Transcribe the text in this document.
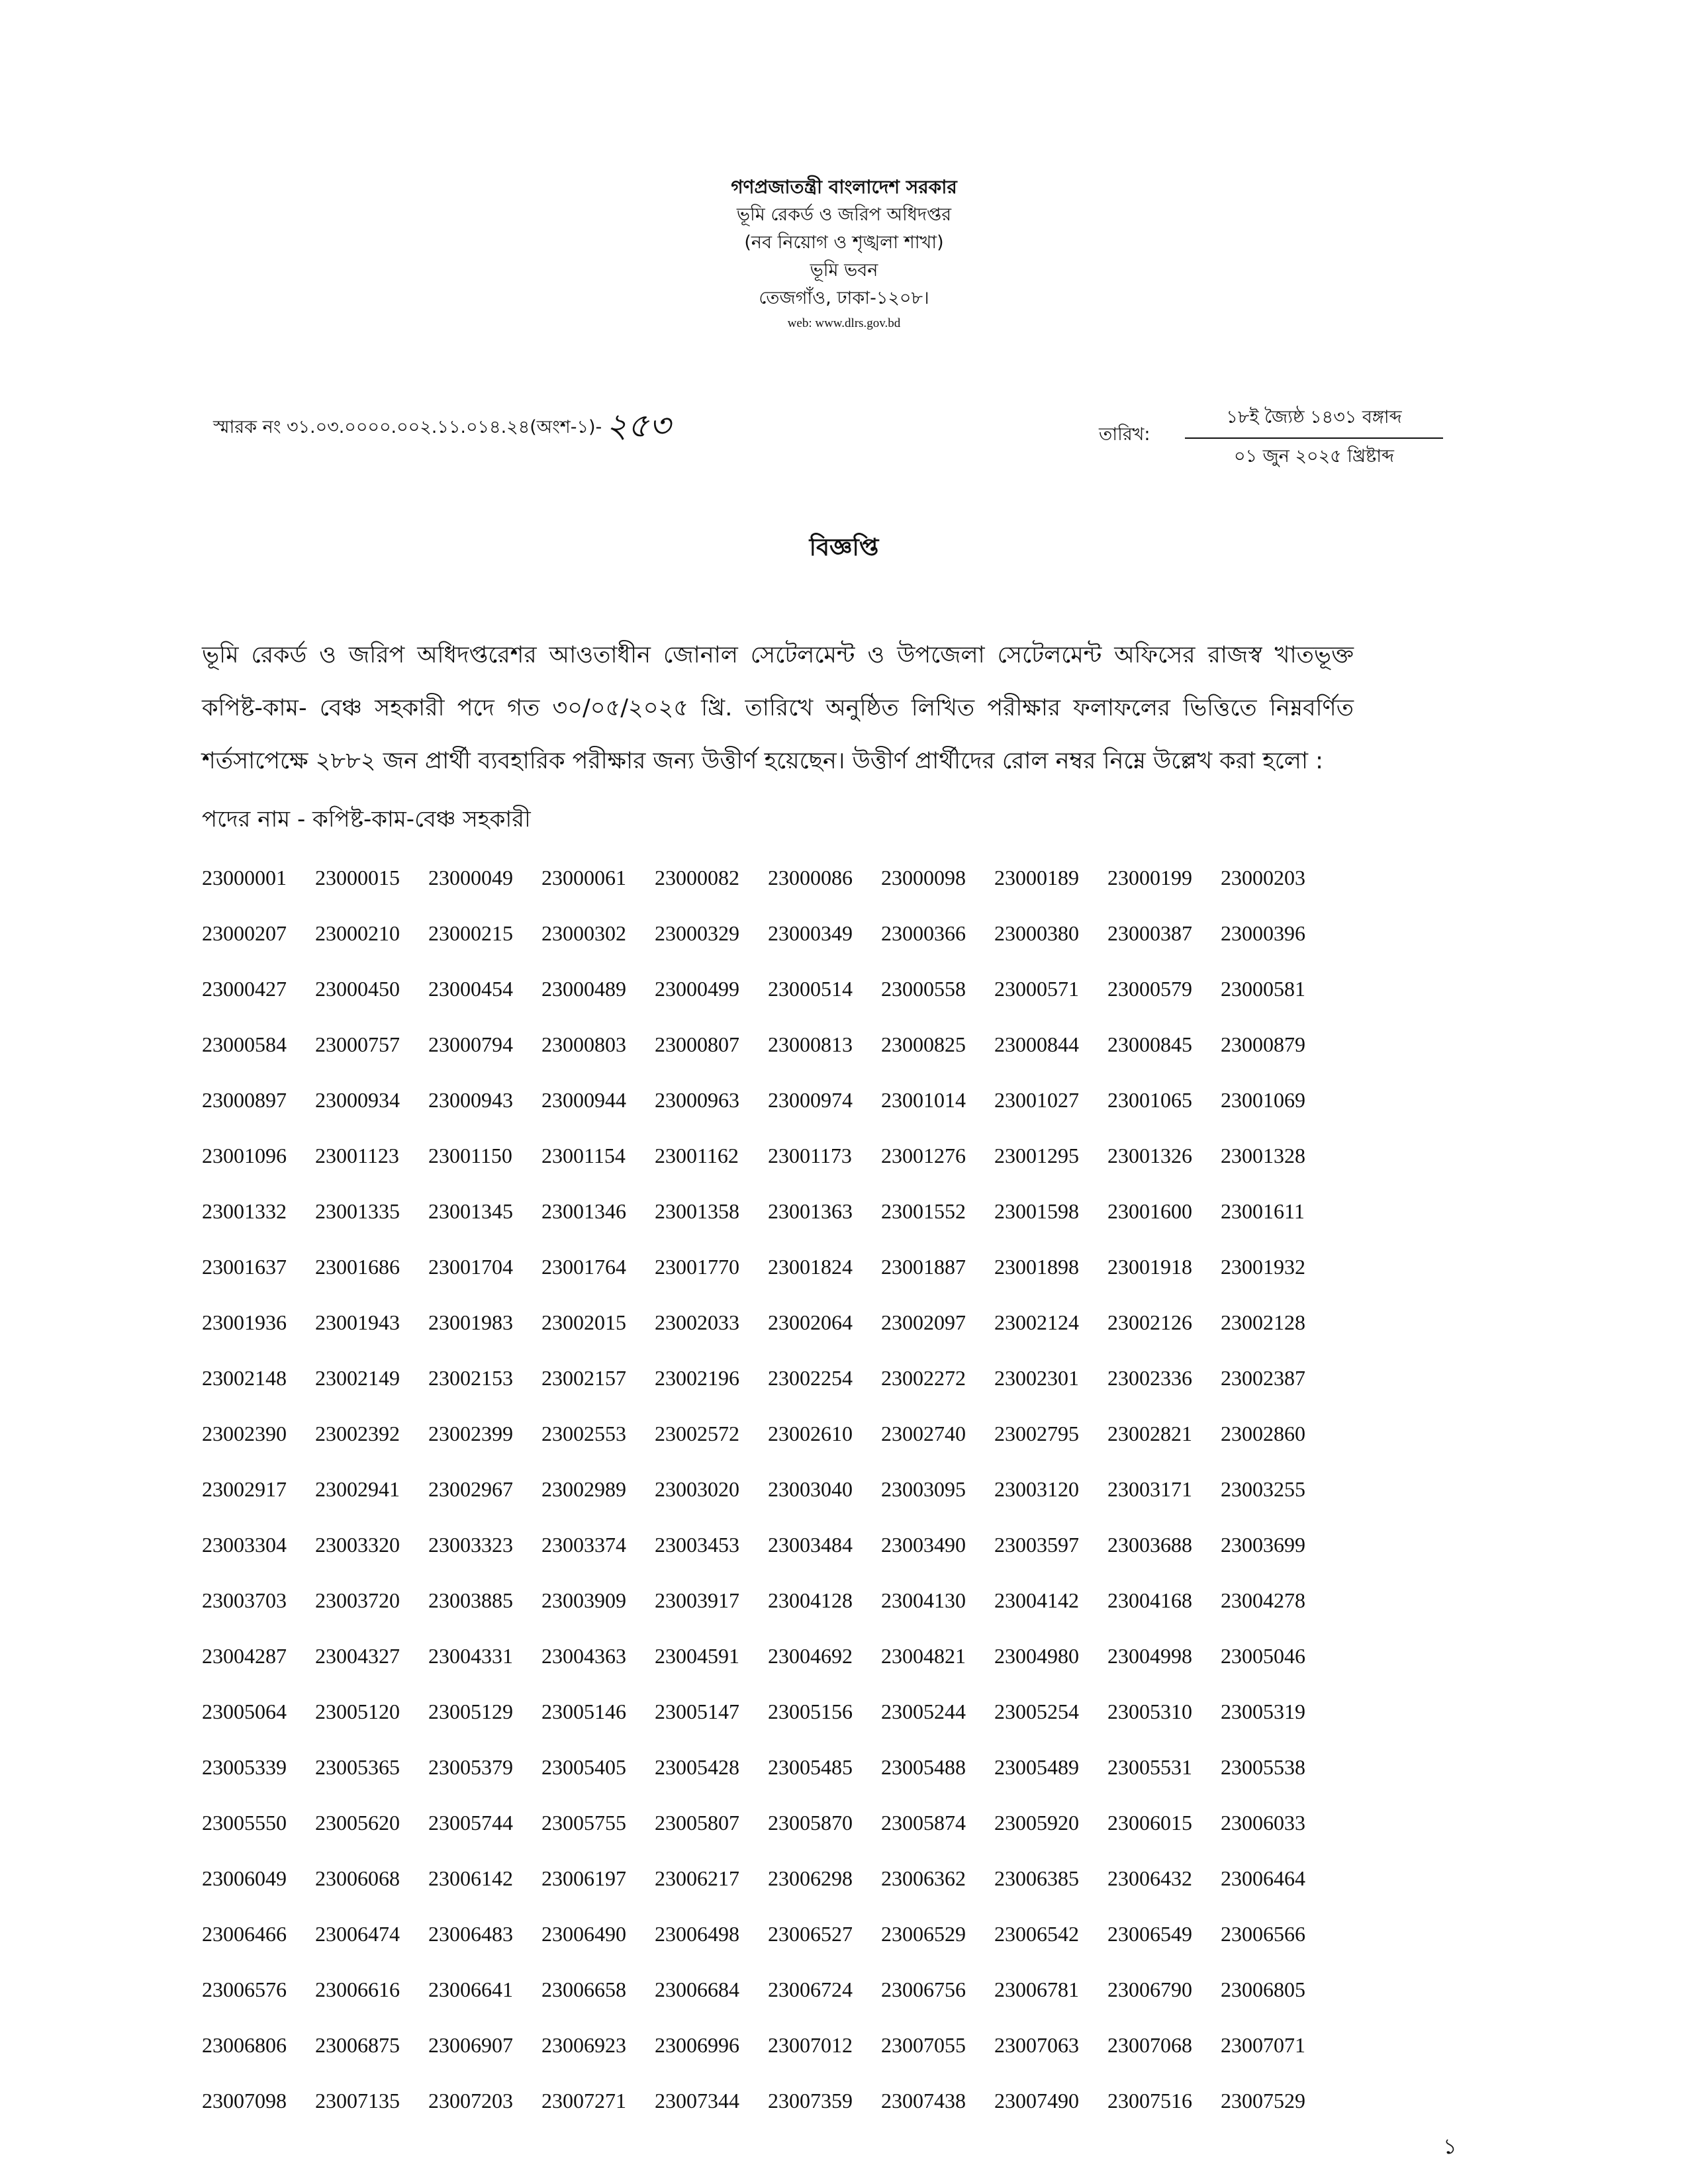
গণপ্রজাতন্ত্রী বাংলাদেশ সরকার
ভূমি রেকর্ড ও জরিপ অধিদপ্তর
(নব নিয়োগ ও শৃঙ্খলা শাখা)
ভূমি ভবন
তেজগাঁও, ঢাকা-১২০৮।
web: www.dlrs.gov.bd
স্মারক নং ৩১.০৩.০০০০.০০২.১১.০১৪.২৪(অংশ-১)- ২৫৩	তারিখ:
১৮ই জ্যৈষ্ঠ ১৪৩১ বঙ্গাব্দ
০১ জুন ২০২৫ খ্রিষ্টাব্দ
বিজ্ঞপ্তি
ভূমি রেকর্ড ও জরিপ অধিদপ্তরেশর আওতাধীন জোনাল সেটেলমেন্ট ও উপজেলা সেটেলমেন্ট অফিসের রাজস্ব খাতভূক্ত কপিষ্ট-কাম- বেঞ্চ সহকারী পদে গত ৩০/০৫/২০২৫ খ্রি. তারিখে অনুষ্ঠিত লিখিত পরীক্ষার ফলাফলের ভিত্তিতে নিম্নবর্ণিত শর্তসাপেক্ষে ২৮৮২ জন প্রার্থী ব্যবহারিক পরীক্ষার জন্য উত্তীর্ণ হয়েছেন। উত্তীর্ণ প্রার্থীদের রোল নম্বর নিম্নে উল্লেখ করা হলো :
পদের নাম - কপিষ্ট-কাম-বেঞ্চ সহকারী
23000001	23000015	23000049	23000061	23000082	23000086	23000098	23000189	23000199	23000203
23000207	23000210	23000215	23000302	23000329	23000349	23000366	23000380	23000387	23000396
23000427	23000450	23000454	23000489	23000499	23000514	23000558	23000571	23000579	23000581
23000584	23000757	23000794	23000803	23000807	23000813	23000825	23000844	23000845	23000879
23000897	23000934	23000943	23000944	23000963	23000974	23001014	23001027	23001065	23001069
23001096	23001123	23001150	23001154	23001162	23001173	23001276	23001295	23001326	23001328
23001332	23001335	23001345	23001346	23001358	23001363	23001552	23001598	23001600	23001611
23001637	23001686	23001704	23001764	23001770	23001824	23001887	23001898	23001918	23001932
23001936	23001943	23001983	23002015	23002033	23002064	23002097	23002124	23002126	23002128
23002148	23002149	23002153	23002157	23002196	23002254	23002272	23002301	23002336	23002387
23002390	23002392	23002399	23002553	23002572	23002610	23002740	23002795	23002821	23002860
23002917	23002941	23002967	23002989	23003020	23003040	23003095	23003120	23003171	23003255
23003304	23003320	23003323	23003374	23003453	23003484	23003490	23003597	23003688	23003699
23003703	23003720	23003885	23003909	23003917	23004128	23004130	23004142	23004168	23004278
23004287	23004327	23004331	23004363	23004591	23004692	23004821	23004980	23004998	23005046
23005064	23005120	23005129	23005146	23005147	23005156	23005244	23005254	23005310	23005319
23005339	23005365	23005379	23005405	23005428	23005485	23005488	23005489	23005531	23005538
23005550	23005620	23005744	23005755	23005807	23005870	23005874	23005920	23006015	23006033
23006049	23006068	23006142	23006197	23006217	23006298	23006362	23006385	23006432	23006464
23006466	23006474	23006483	23006490	23006498	23006527	23006529	23006542	23006549	23006566
23006576	23006616	23006641	23006658	23006684	23006724	23006756	23006781	23006790	23006805
23006806	23006875	23006907	23006923	23006996	23007012	23007055	23007063	23007068	23007071
23007098	23007135	23007203	23007271	23007344	23007359	23007438	23007490	23007516	23007529
১
